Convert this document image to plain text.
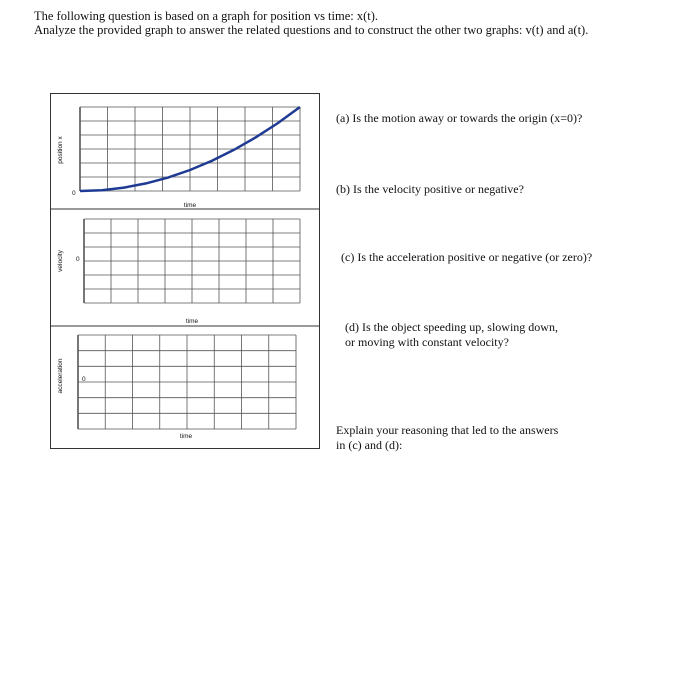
The following question is based on a graph for position vs time: x(t).

Analyze the provided graph to answer the related questions and to construct the other two graphs: v(t) and a(t).

position x
0
time
velocity 0
time
acceleration	0
time

(a) Is the motion away or towards the origin (x=0)?

(b) Is the velocity positive or negative?

(c) Is the acceleration positive or negative (or zero)?

(d) Is the object speeding up, slowing down,

or moving with constant velocity?

Explain your reasoning that led to the answers

in (c) and (d):
